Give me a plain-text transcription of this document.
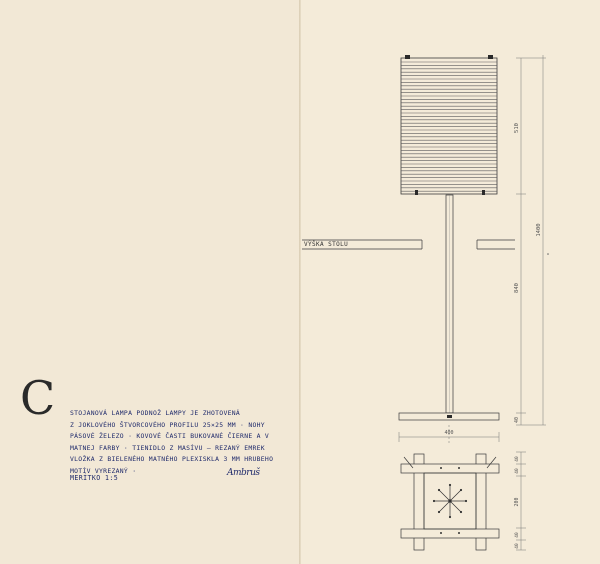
C STOJANOVÁ LAMPA PODNOŽ LAMPY JE ZHOTOVENÁ
Z JOKLOVÉHO ŠTVORCOVÉHO PROFILU 25×25 MM · NOHY
PÁSOVÉ ŽELEZO · KOVOVÉ ČASTI BUKOVANÉ ČIERNE A V
MATNEJ FARBY · TIENIDLO Z MASÍVU – REZANÝ EMREK
VLOŽKA Z BIELENÉHO MATNÉHO PLEXISKLA 3 MM HRUBEHO
MOTÍV VYREZANÝ ·
MERÍTKO 1:5	Ambruš
VÝŠKA STOLU
510
1400
840
40
400
40
40
200
40
40
